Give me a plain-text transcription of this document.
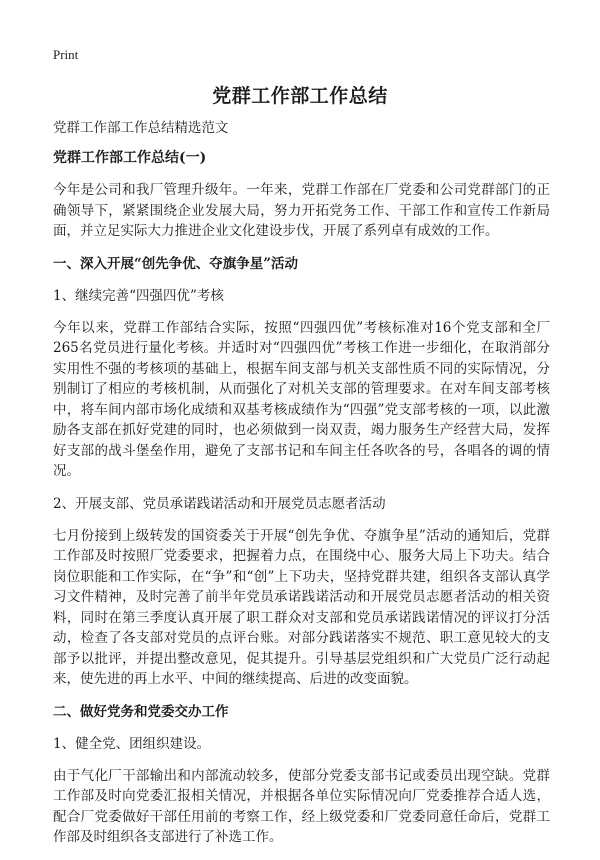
Print
党群工作部工作总结

党群工作部工作总结精选范文

党群工作部工作总结(一)

今年是公司和我厂管理升级年。一年来，党群工作部在厂党委和公司党群部门的正确领导下，紧紧围绕企业发展大局，努力开拓党务工作、干部工作和宣传工作新局面，并立足实际大力推进企业文化建设步伐，开展了系列卓有成效的工作。

一、深入开展“创先争优、夺旗争星”活动

1、继续完善“四强四优”考核

今年以来，党群工作部结合实际，按照“四强四优”考核标准对16个党支部和全厂265名党员进行量化考核。并适时对“四强四优”考核工作进一步细化，在取消部分实用性不强的考核项的基础上，根据车间支部与机关支部性质不同的实际情况，分别制订了相应的考核机制，从而强化了对机关支部的管理要求。在对车间支部考核中，将车间内部市场化成绩和双基考核成绩作为“四强”党支部考核的一项，以此激励各支部在抓好党建的同时，也必须做到一岗双责，竭力服务生产经营大局，发挥好支部的战斗堡垒作用，避免了支部书记和车间主任各吹各的号，各唱各的调的情况。

2、开展支部、党员承诺践诺活动和开展党员志愿者活动

七月份接到上级转发的国资委关于开展“创先争优、夺旗争星”活动的通知后，党群工作部及时按照厂党委要求，把握着力点，在围绕中心、服务大局上下功夫。结合岗位职能和工作实际，在“争”和“创”上下功夫，坚持党群共建，组织各支部认真学习文件精神，及时完善了前半年党员承诺践诺活动和开展党员志愿者活动的相关资料，同时在第三季度认真开展了职工群众对支部和党员承诺践诺情况的评议打分活动，检查了各支部对党员的点评台账。对部分践诺落实不规范、职工意见较大的支部予以批评，并提出整改意见，促其提升。引导基层党组织和广大党员广泛行动起来，使先进的再上水平、中间的继续提高、后进的改变面貌。

二、做好党务和党委交办工作

1、健全党、团组织建设。

由于气化厂干部输出和内部流动较多，使部分党委支部书记或委员出现空缺。党群工作部及时向党委汇报相关情况，并根据各单位实际情况向厂党委推荐合适人选，配合厂党委做好干部任用前的考察工作，经上级党委和厂党委同意任命后，党群工作部及时组织各支部进行了补选工作。
